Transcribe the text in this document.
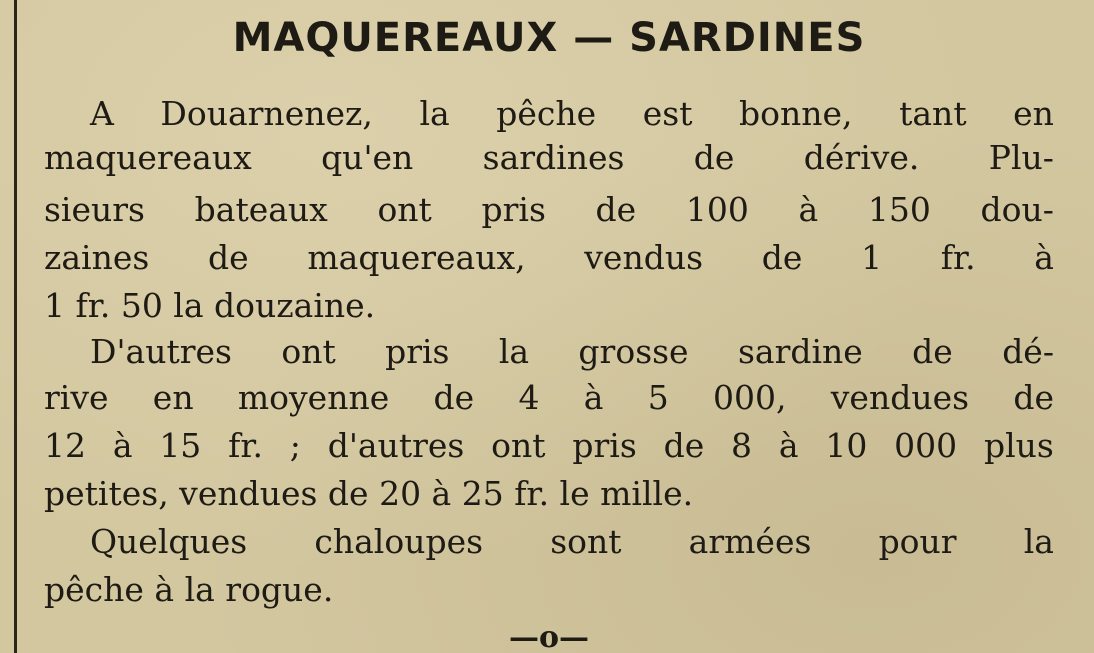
MAQUEREAUX — SARDINES
A Douarnenez, la pêche est bonne, tant en
maquereaux qu'en sardines de dérive. Plu-
sieurs bateaux ont pris de 100 à 150 dou-
zaines de maquereaux, vendus de 1 fr. à
1 fr. 50 la douzaine.
D'autres ont pris la grosse sardine de dé-
rive en moyenne de 4 à 5 000, vendues de
12 à 15 fr. ; d'autres ont pris de 8 à 10 000 plus
petites, vendues de 20 à 25 fr. le mille.
Quelques chaloupes sont armées pour la
pêche à la rogue.
—o—
